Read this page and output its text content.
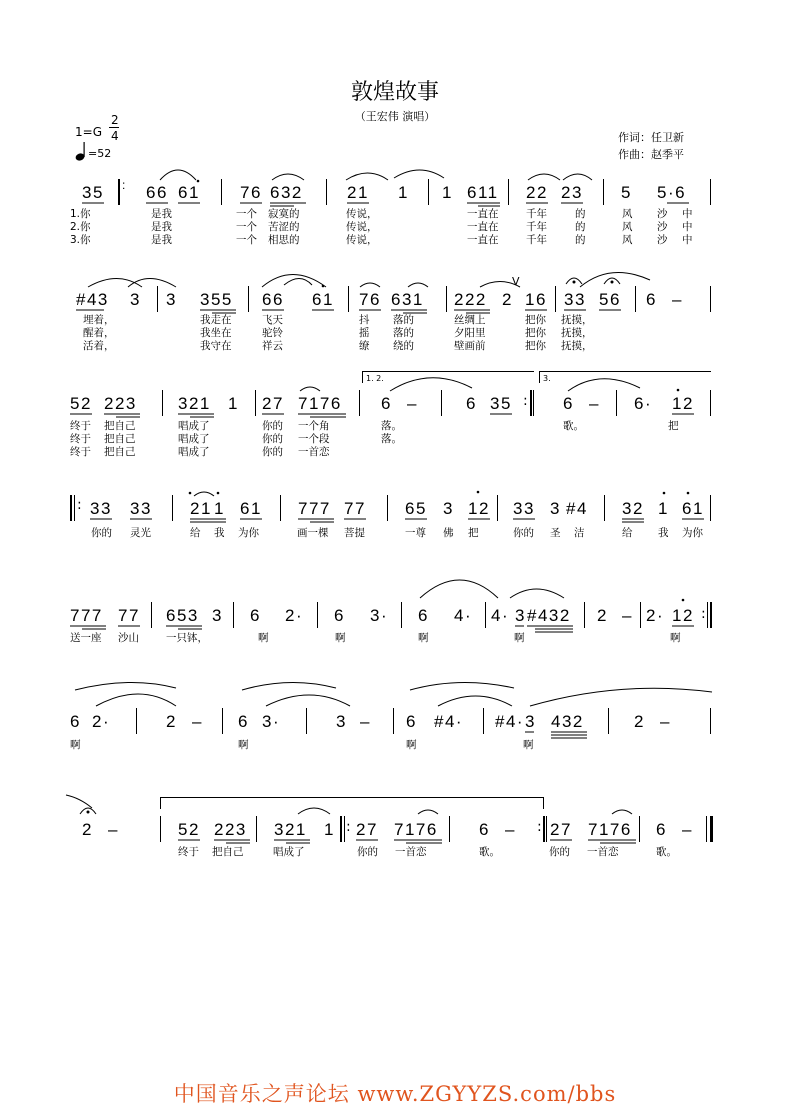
敦煌故事
（王宏伟 演唱）
1=G
2
4
=52
作词：任卫新
作曲：赵季平
35 : 66 61 76 632	21 1 1 611 22 23 5 5·6
1.你	是我	一个 寂寞的	传说，	一直在	千年	的	风 沙 中
2.你	是我	一个 苦涩的	传说，	一直在	千年	的	风 沙 中
3.你	是我	一个 相思的	传说，	一直在	千年	的	风 沙 中
#43 3 3 355 66 61 76 631 222 2 16 33 56 6 –
V
埋着，	我走在	飞天	抖 落的	丝绸上	把你 抚摸，
醒着，	我坐在	驼铃	摇 落的	夕阳里	把你 抚摸，
活着，	我守在	祥云	缭 绕的	壁画前	把你 抚摸，
52 223 321 1 27 7176 6 –	6 35	6 – 6· 12
1. 2.	3.
:
终于 把自己	唱成了	你的 一个角	落。	歌。	把
终于 把自己	唱成了	你的 一个段	落。
终于 把自己	唱成了	你的 一首恋
: 33 33 21 1 61 777 77 65 3 12 33 3 #4 32 1 61
你的 灵光	给 我 为你	画一棵 菩提	一尊 佛 把	你的 圣 洁	给 我 为你
777 77 653 3 6 2· 6 3· 6 4· 4· 3 #432 2 – 2· 12 :
送一座 沙山	一只钵，	啊	啊	啊	啊	啊
6 2·	2 – 6 3·	3 – 6 #4· #4· 3 432	2 –
啊	啊	啊	啊
2 –	52 223 321 1 27 7176 6 – 27 7176 6 –
:	:
终于 把自己	唱成了	你的 一首恋	歌。	你的 一首恋	歌。
中国音乐之声论坛 www.ZGYYZS.com/bbs
